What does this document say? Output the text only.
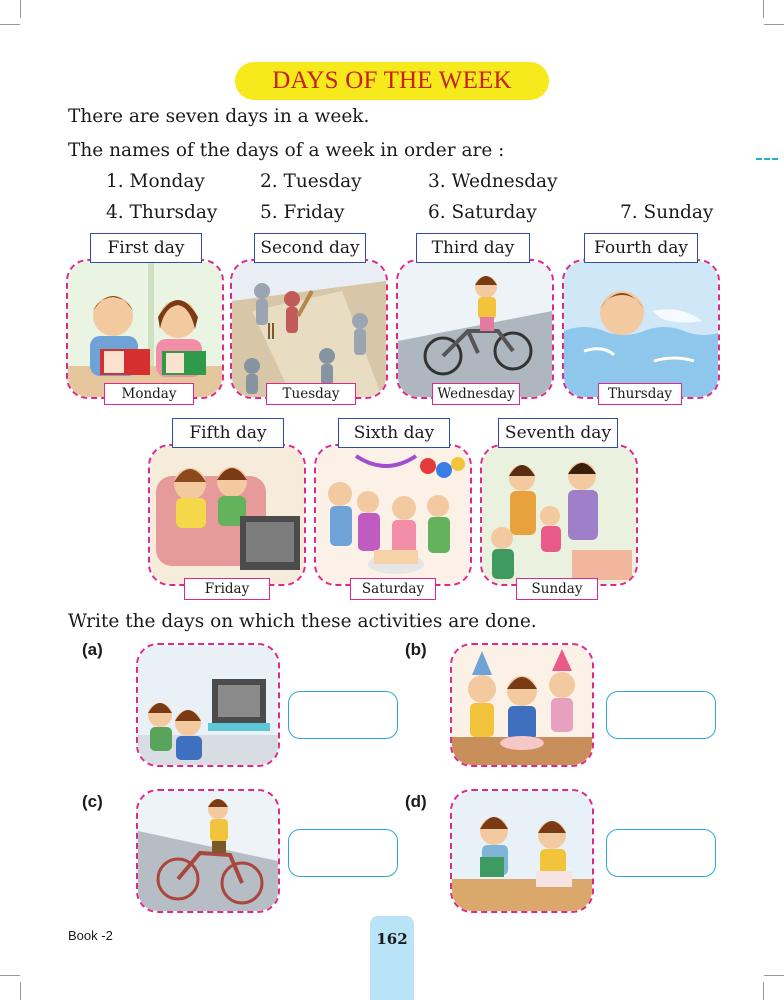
DAYS OF THE WEEK
There are seven days in a week.
The names of the days of a week in order are :
1. Monday	2. Tuesday	3. Wednesday
4. Thursday 5. Friday	6. Saturday	7. Sunday
First day
Monday
Second day
Tuesday
Third day
Wednesday
Fourth day
Thursday
Fifth day
Friday
Sixth day
Saturday
Seventh day
Sunday
Write the days on which these activities are done.
(a)	(b)
(c)	(d)
Book -2	162
